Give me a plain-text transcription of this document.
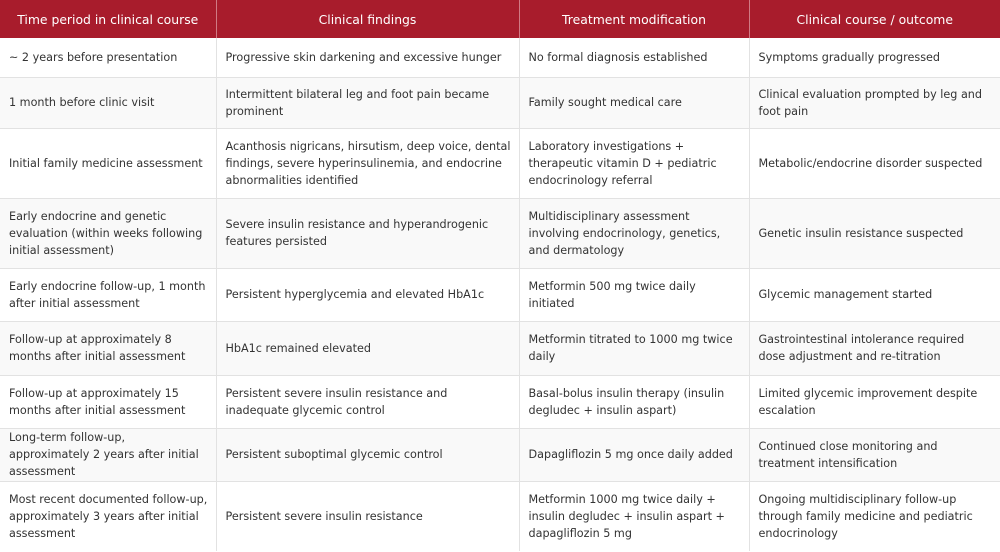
Time period in clinical course	Clinical findings	Treatment modification	Clinical course / outcome
~ 2 years before presentation	Progressive skin darkening and excessive hunger	No formal diagnosis established	Symptoms gradually progressed
1 month before clinic visit	Intermittent bilateral leg and foot pain became prominent	Family sought medical care	Clinical evaluation prompted by leg and foot pain
Initial family medicine assessment	Acanthosis nigricans, hirsutism, deep voice, dental findings, severe hyperinsulinemia, and endocrine abnormalities identified	Laboratory investigations + therapeutic vitamin D + pediatric endocrinology referral	Metabolic/endocrine disorder suspected
Early endocrine and genetic evaluation (within weeks following initial assessment)	Severe insulin resistance and hyperandrogenic features persisted	Multidisciplinary assessment involving endocrinology, genetics, and dermatology	Genetic insulin resistance suspected
Early endocrine follow-up, 1 month after initial assessment	Persistent hyperglycemia and elevated HbA1c	Metformin 500 mg twice daily initiated	Glycemic management started
Follow-up at approximately 8 months after initial assessment	HbA1c remained elevated	Metformin titrated to 1000 mg twice daily	Gastrointestinal intolerance required dose adjustment and re-titration
Follow-up at approximately 15 months after initial assessment	Persistent severe insulin resistance and inadequate glycemic control	Basal-bolus insulin therapy (insulin degludec + insulin aspart)	Limited glycemic improvement despite escalation
Long-term follow-up, approximately 2 years after initial assessment	Persistent suboptimal glycemic control	Dapagliflozin 5 mg once daily added	Continued close monitoring and treatment intensification
Most recent documented follow-up, approximately 3 years after initial assessment	Persistent severe insulin resistance	Metformin 1000 mg twice daily + insulin degludec + insulin aspart + dapagliflozin 5 mg	Ongoing multidisciplinary follow-up through family medicine and pediatric endocrinology
